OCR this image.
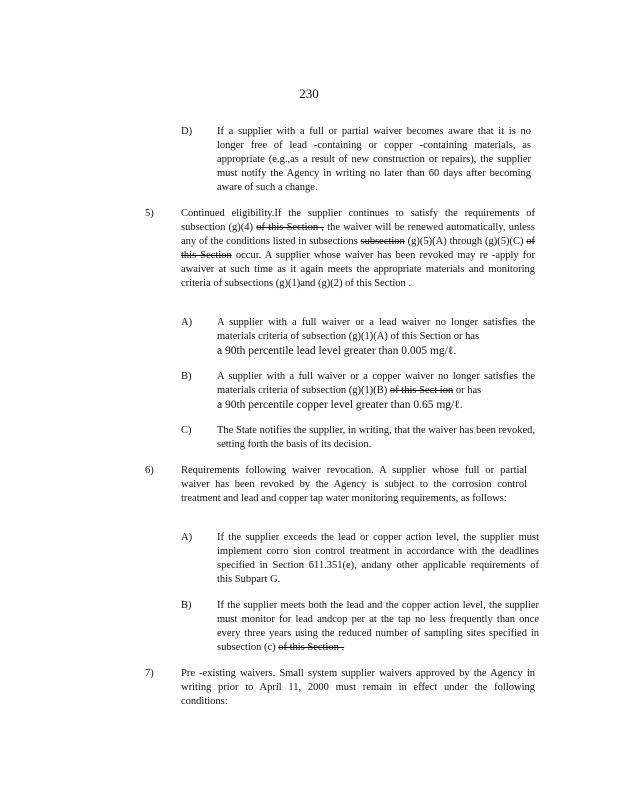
230
D) If a supplier with a full or partial waiver becomes aware that it is no longer free of lead -containing or copper -containing materials, as appropriate (e.g.,as a result of new construction or repairs), the supplier must notify the Agency in writing no later than 60 days after becoming aware of such a change.
5)	Continued eligibility.If the supplier continues to satisfy the requirements of subsection (g)(4) of this Section , the waiver will be renewed automatically, unless any of the conditions listed in subsections subsection (g)(5)(A) through (g)(5)(C) of this Section occur. A supplier whose waiver has been revoked may re -apply for awaiver at such time as it again meets the appropriate materials and monitoring criteria of subsections (g)(1)and (g)(2) of this Section .
A) A supplier with a full waiver or a lead waiver no longer satisfies the materials criteria of subsection (g)(1)(A) of this Section or has
a 90th percentile lead level greater than 0.005 mg/ℓ.
B) A supplier with a full waiver or a copper waiver no longer satisfies the materials criteria of subsection (g)(1)(B) of this Sect ion or has
a 90th percentile copper level greater than 0.65 mg/ℓ.
C) The State notifies the supplier, in writing, that the waiver has been revoked, setting forth the basis of its decision.
6)	Requirements following waiver revocation. A supplier whose full or partial waiver has been revoked by the Agency is subject to the corrosion control treatment and lead and copper tap water monitoring requirements, as follows:
A) If the supplier exceeds the lead or copper action level, the supplier must implement corro sion control treatment in accordance with the deadlines specified in Section 611.351(e), andany other applicable requirements of this Subpart G.
B) If the supplier meets both the lead and the copper action level, the supplier must monitor for lead andcop per at the tap no less frequently than once every three years using the reduced number of sampling sites specified in subsection (c) of this Section .
7)	Pre -existing waivers. Small system supplier waivers approved by the Agency in writing prior to April 11, 2000 must remain in effect under the following conditions:
